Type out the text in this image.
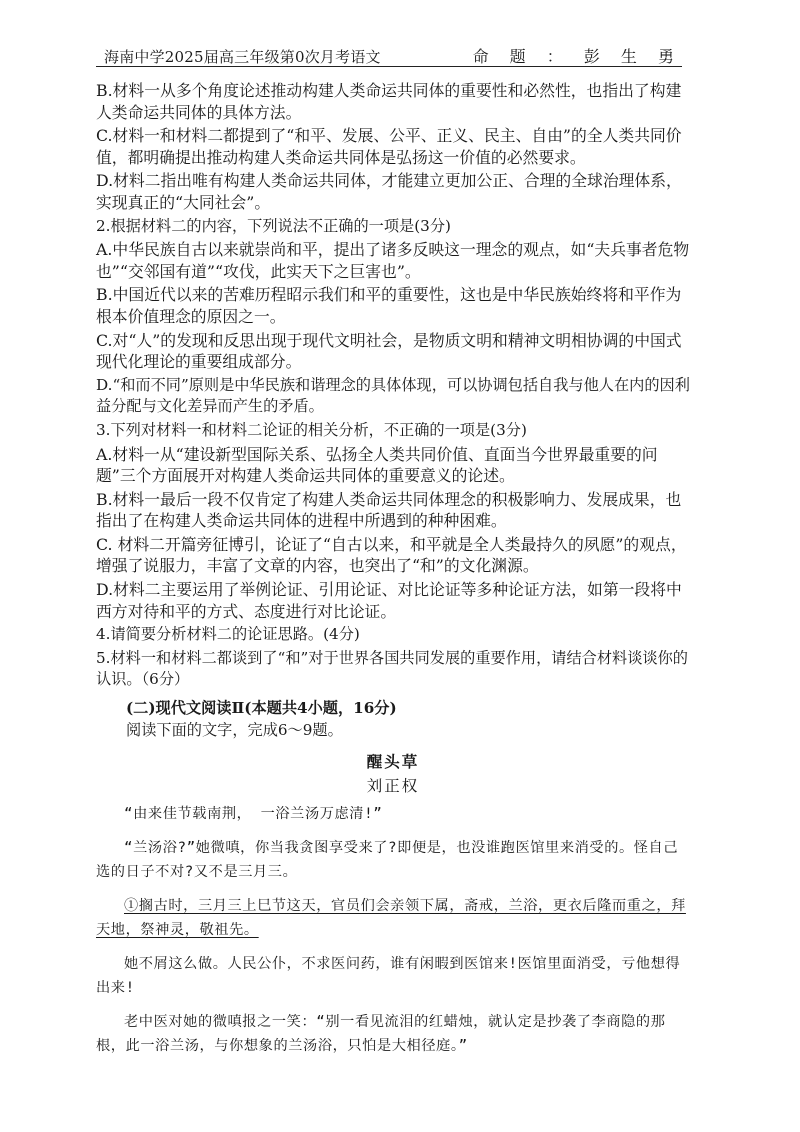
海南中学2025届高三年级第0次月考语文	命 题 ： 彭 生 勇

B.材料一从多个角度论述推动构建人类命运共同体的重要性和必然性，也指出了构建人类命运共同体的具体方法。

C.材料一和材料二都提到了“和平、发展、公平、正义、民主、自由”的全人类共同价值，都明确提出推动构建人类命运共同体是弘扬这一价值的必然要求。

D.材料二指出唯有构建人类命运共同体，才能建立更加公正、合理的全球治理体系，实现真正的“大同社会”。

2.根据材料二的内容，下列说法不正确的一项是(3分)

A.中华民族自古以来就崇尚和平，提出了诸多反映这一理念的观点，如“夫兵事者危物也”“交邻国有道”“攻伐，此实天下之巨害也”。

B.中国近代以来的苦难历程昭示我们和平的重要性，这也是中华民族始终将和平作为根本价值理念的原因之一。

C.对“人”的发现和反思出现于现代文明社会，是物质文明和精神文明相协调的中国式现代化理论的重要组成部分。

D.“和而不同”原则是中华民族和谐理念的具体体现，可以协调包括自我与他人在内的因利益分配与文化差异而产生的矛盾。

3.下列对材料一和材料二论证的相关分析，不正确的一项是(3分)

A.材料一从“建设新型国际关系、弘扬全人类共同价值、直面当今世界最重要的问题”三个方面展开对构建人类命运共同体的重要意义的论述。

B.材料一最后一段不仅肯定了构建人类命运共同体理念的积极影响力、发展成果，也指出了在构建人类命运共同体的进程中所遇到的种种困难。

C. 材料二开篇旁征博引，论证了“自古以来，和平就是全人类最持久的夙愿”的观点，增强了说服力，丰富了文章的内容，也突出了“和”的文化渊源。

D.材料二主要运用了举例论证、引用论证、对比论证等多种论证方法，如第一段将中西方对待和平的方式、态度进行对比论证。

4.请简要分析材料二的论证思路。(4分)

5.材料一和材料二都谈到了“和”对于世界各国共同发展的重要作用，请结合材料谈谈你的认识。（6分）

(二)现代文阅读Ⅱ(本题共4小题，16分)

阅读下面的文字，完成6～9题。

醒头草

刘正权

“由来佳节载南荆， 一浴兰汤万虑清!”

“兰汤浴?”她微嗔，你当我贪图享受来了?即便是，也没谁跑医馆里来消受的。怪自己选的日子不对?又不是三月三。

①搁古时，三月三上巳节这天，官员们会亲领下属，斋戒，兰浴，更衣后隆而重之，拜天地，祭神灵，敬祖先。

她不屑这么做。人民公仆，不求医问药，谁有闲暇到医馆来!医馆里面消受，亏他想得出来!

老中医对她的微嗔报之一笑：“别一看见流泪的红蜡烛，就认定是抄袭了李商隐的那根，此一浴兰汤，与你想象的兰汤浴，只怕是大相径庭。”
